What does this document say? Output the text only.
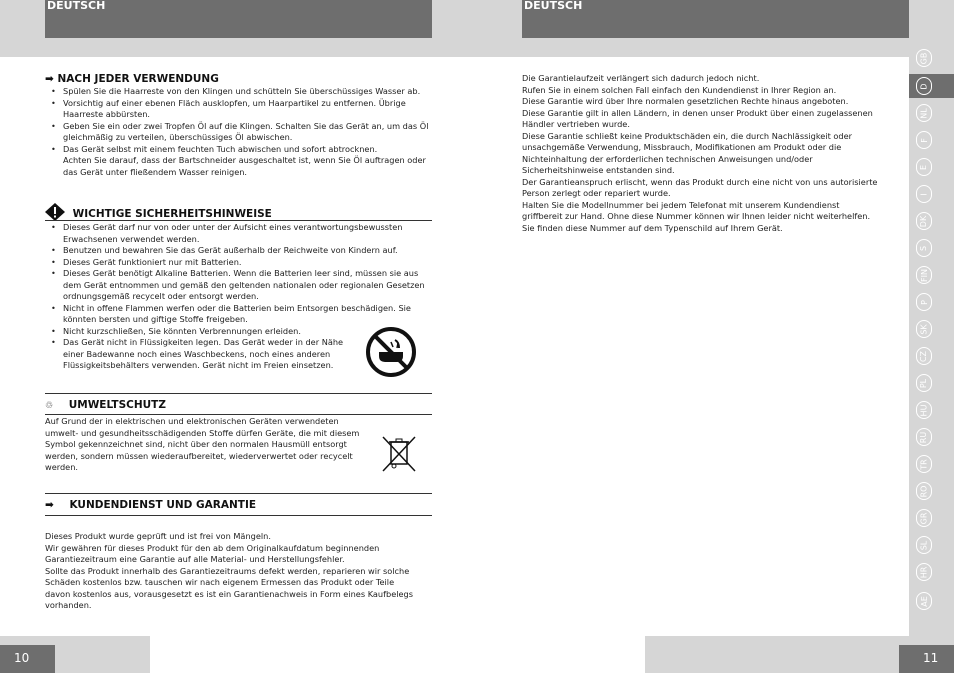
DEUTSCH	DEUTSCH
GB
D
NL
F
E
I
DK
S
FIN
P
SK
CZ
PL
HU
RU
TR
RO
GR
SL
HR
AE
10	11
➡ NACH JEDER VERWENDUNG
• Spülen Sie die Haarreste von den Klingen und schütteln Sie überschüssiges Wasser ab.
• Vorsichtig auf einer ebenen Fläch ausklopfen, um Haarpartikel zu entfernen. Übrige Haarreste abbürsten.
• Geben Sie ein oder zwei Tropfen Öl auf die Klingen. Schalten Sie das Gerät an, um das Öl gleichmäßig zu verteilen, überschüssiges Öl abwischen.
• Das Gerät selbst mit einem feuchten Tuch abwischen und sofort abtrocknen.
Achten Sie darauf, dass der Bartschneider ausgeschaltet ist, wenn Sie Öl auftragen oder das Gerät unter fließendem Wasser reinigen.
WICHTIGE SICHERHEITSHINWEISE
• Dieses Gerät darf nur von oder unter der Aufsicht eines verantwortungsbewussten Erwachsenen verwendet werden.
• Benutzen und bewahren Sie das Gerät außerhalb der Reichweite von Kindern auf.
• Dieses Gerät funktioniert nur mit Batterien.
• Dieses Gerät benötigt Alkaline Batterien. Wenn die Batterien leer sind, müssen sie aus dem Gerät entnommen und gemäß den geltenden nationalen oder regionalen Gesetzen ordnungsgemäß recycelt oder entsorgt werden.
• Nicht in offene Flammen werfen oder die Batterien beim Entsorgen beschädigen. Sie könnten bersten und giftige Stoffe freigeben.
• Nicht kurzschließen, Sie könnten Verbrennungen erleiden.
• Das Gerät nicht in Flüssigkeiten legen. Das Gerät weder in der Nähe einer Badewanne noch eines Waschbeckens, noch eines anderen Flüssigkeitsbehälters verwenden. Gerät nicht im Freien einsetzen.
♲ UMWELTSCHUTZ
Auf Grund der in elektrischen und elektronischen Geräten verwendeten umwelt- und gesundheitsschädigenden Stoffe dürfen Geräte, die mit diesem Symbol gekennzeichnet sind, nicht über den normalen Hausmüll entsorgt werden, sondern müssen wiederaufbereitet, wiederverwertet oder recycelt werden.
➡ KUNDENDIENST UND GARANTIE

Dieses Produkt wurde geprüft und ist frei von Mängeln.

Wir gewähren für dieses Produkt für den ab dem Originalkaufdatum beginnenden Garantiezeitraum eine Garantie auf alle Material- und Herstellungsfehler.

Sollte das Produkt innerhalb des Garantiezeitraums defekt werden, reparieren wir solche Schäden kostenlos bzw. tauschen wir nach eigenem Ermessen das Produkt oder Teile davon kostenlos aus, vorausgesetzt es ist ein Garantienachweis in Form eines Kaufbelegs vorhanden.

Die Garantielaufzeit verlängert sich dadurch jedoch nicht.

Rufen Sie in einem solchen Fall einfach den Kundendienst in Ihrer Region an.

Diese Garantie wird über Ihre normalen gesetzlichen Rechte hinaus angeboten.

Diese Garantie gilt in allen Ländern, in denen unser Produkt über einen zugelassenen Händler vertrieben wurde.

Diese Garantie schließt keine Produktschäden ein, die durch Nachlässigkeit oder unsachgemäße Verwendung, Missbrauch, Modifikationen am Produkt oder die Nichteinhaltung der erforderlichen technischen Anweisungen und/oder Sicherheitshinweise entstanden sind.

Der Garantieanspruch erlischt, wenn das Produkt durch eine nicht von uns autorisierte Person zerlegt oder repariert wurde.

Halten Sie die Modellnummer bei jedem Telefonat mit unserem Kundendienst griffbereit zur Hand. Ohne diese Nummer können wir Ihnen leider nicht weiterhelfen.

Sie finden diese Nummer auf dem Typenschild auf Ihrem Gerät.
